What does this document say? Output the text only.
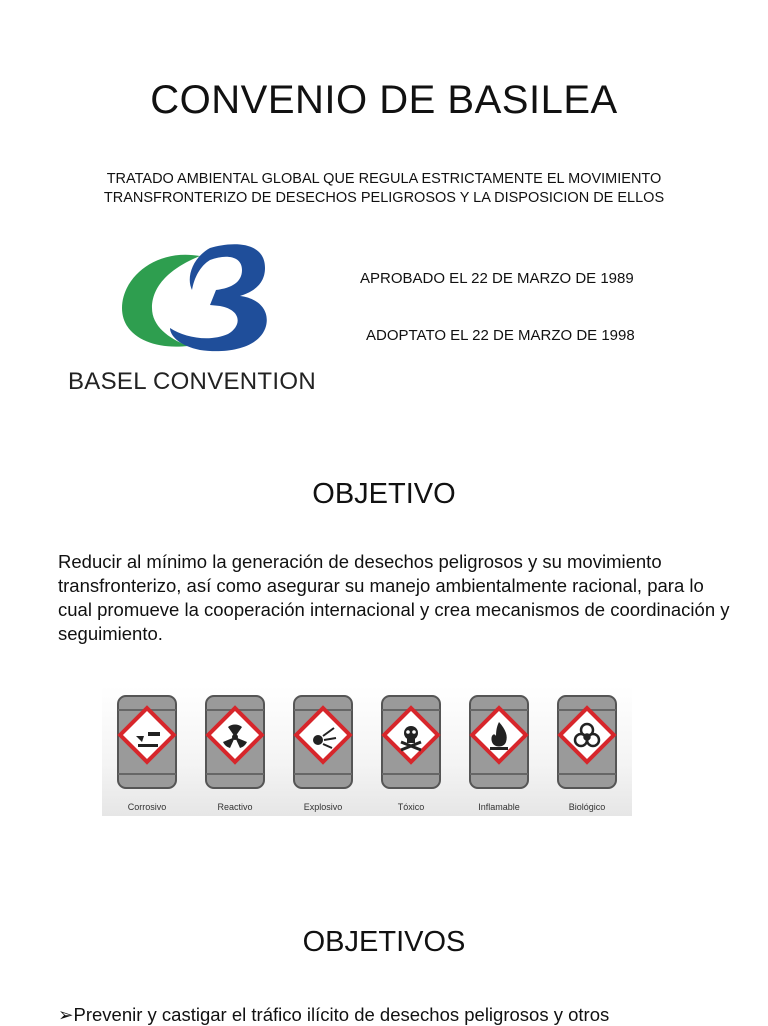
CONVENIO DE BASILEA
TRATADO AMBIENTAL GLOBAL QUE REGULA ESTRICTAMENTE EL MOVIMIENTO TRANSFRONTERIZO DE DESECHOS PELIGROSOS Y LA DISPOSICION DE ELLOS
BASEL CONVENTION
APROBADO EL 22 DE MARZO DE 1989
ADOPTATO EL 22 DE MARZO DE 1998
OBJETIVO
Reducir al mínimo la generación de desechos peligrosos y su movimiento transfronterizo, así como asegurar su manejo ambientalmente racional, para lo cual promueve la cooperación internacional y crea mecanismos de coordinación y seguimiento.
Corrosivo	Reactivo	Explosivo	Tóxico	Inflamable	Biológico
OBJETIVOS
➢Prevenir y castigar el tráfico ilícito de desechos peligrosos y otros
